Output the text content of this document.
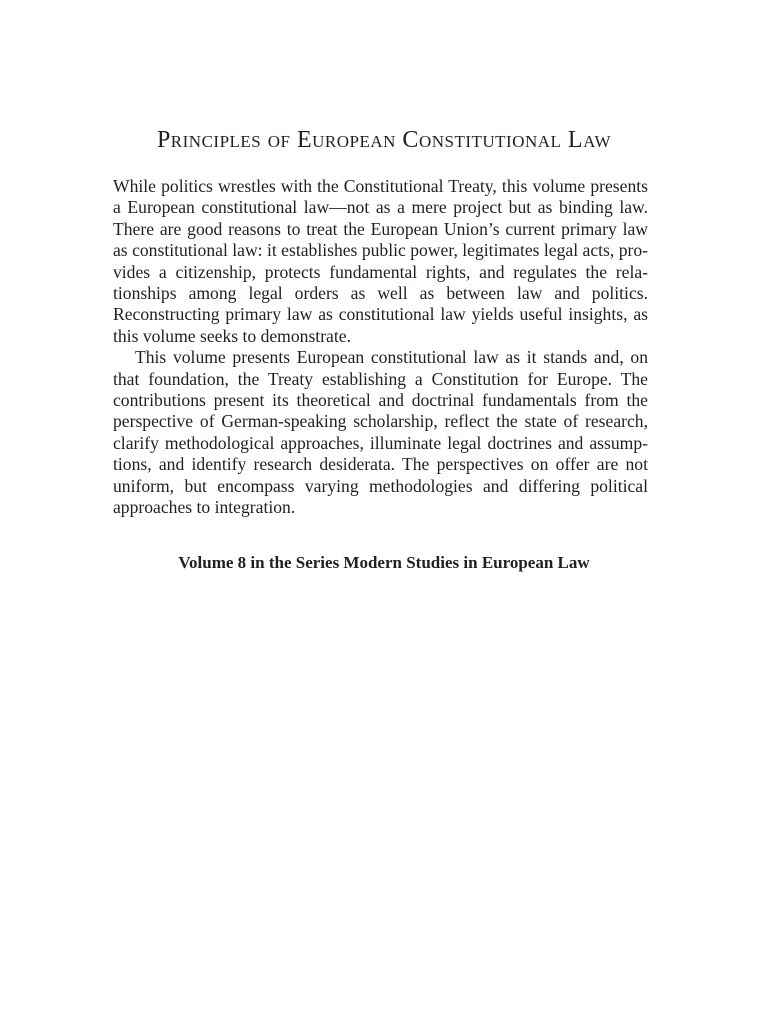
Principles of European Constitutional Law
While politics wrestles with the Constitutional Treaty, this volume presents
a European constitutional law—not as a mere project but as binding law.
There are good reasons to treat the European Union’s current primary law
as constitutional law: it establishes public power, legitimates legal acts, pro-
vides a citizenship, protects fundamental rights, and regulates the rela-
tionships among legal orders as well as between law and politics.
Reconstructing primary law as constitutional law yields useful insights, as
this volume seeks to demonstrate.
This volume presents European constitutional law as it stands and, on
that foundation, the Treaty establishing a Constitution for Europe. The
contributions present its theoretical and doctrinal fundamentals from the
perspective of German-speaking scholarship, reflect the state of research,
clarify methodological approaches, illuminate legal doctrines and assump-
tions, and identify research desiderata. The perspectives on offer are not
uniform, but encompass varying methodologies and differing political
approaches to integration.

Volume 8 in the Series Modern Studies in European Law
